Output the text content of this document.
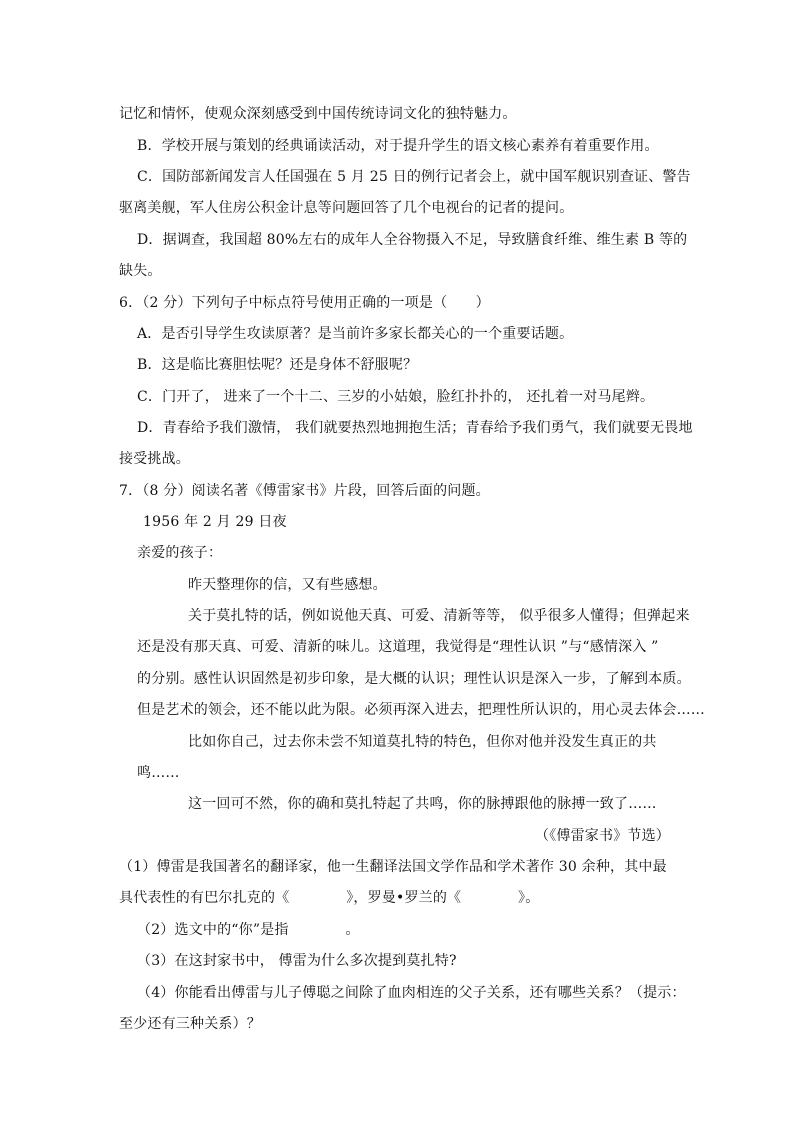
记忆和情怀，使观众深刻感受到中国传统诗词文化的独特魅力。
B．学校开展与策划的经典诵读活动，对于提升学生的语文核心素养有着重要作用。
C．国防部新闻发言人任国强在 5 月 25 日的例行记者会上，就中国军舰识别查证、警告
驱离美舰，军人住房公积金计息等问题回答了几个电视台的记者的提问。
D．据调查，我国超 80%左右的成年人全谷物摄入不足，导致膳食纤维、维生素 B 等的
缺失。
6．（2 分）下列句子中标点符号使用正确的一项是（　　）
A．是否引导学生攻读原著？是当前许多家长都关心的一个重要话题。
B．这是临比赛胆怯呢？还是身体不舒服呢？
C．门开了， 进来了一个十二、三岁的小姑娘，脸红扑扑的， 还扎着一对马尾辫。
D．青春给予我们激情， 我们就要热烈地拥抱生活；青春给予我们勇气，我们就要无畏地
接受挑战。
7．（8 分）阅读名著《傅雷家书》片段，回答后面的问题。
1956 年 2 月 29 日夜
亲爱的孩子：
昨天整理你的信，又有些感想。
关于莫扎特的话，例如说他天真、可爱、清新等等， 似乎很多人懂得；但弹起来
还是没有那天真、可爱、清新的味儿。这道理，我觉得是“理性认识 ”与“感情深入 ”
的分别。感性认识固然是初步印象，是大概的认识；理性认识是深入一步，了解到本质。
但是艺术的领会，还不能以此为限。必须再深入进去，把理性所认识的，用心灵去体会……
比如你自己，过去你未尝不知道莫扎特的特色，但你对他并没发生真正的共
鸣……
这一回可不然，你的确和莫扎特起了共鸣，你的脉搏跟他的脉搏一致了……
（《傅雷家书》节选）
（1）傅雷是我国著名的翻译家，他一生翻译法国文学作品和学术著作 30 余种，其中最
具代表性的有巴尔扎克的《　　　　》，罗曼•罗兰的《　　　　》。
（2）选文中的“你”是指　　　　。
（3）在这封家书中， 傅雷为什么多次提到莫扎特?
（4）你能看出傅雷与儿子傅聪之间除了血肉相连的父子关系，还有哪些关系？（提示：
至少还有三种关系）？
